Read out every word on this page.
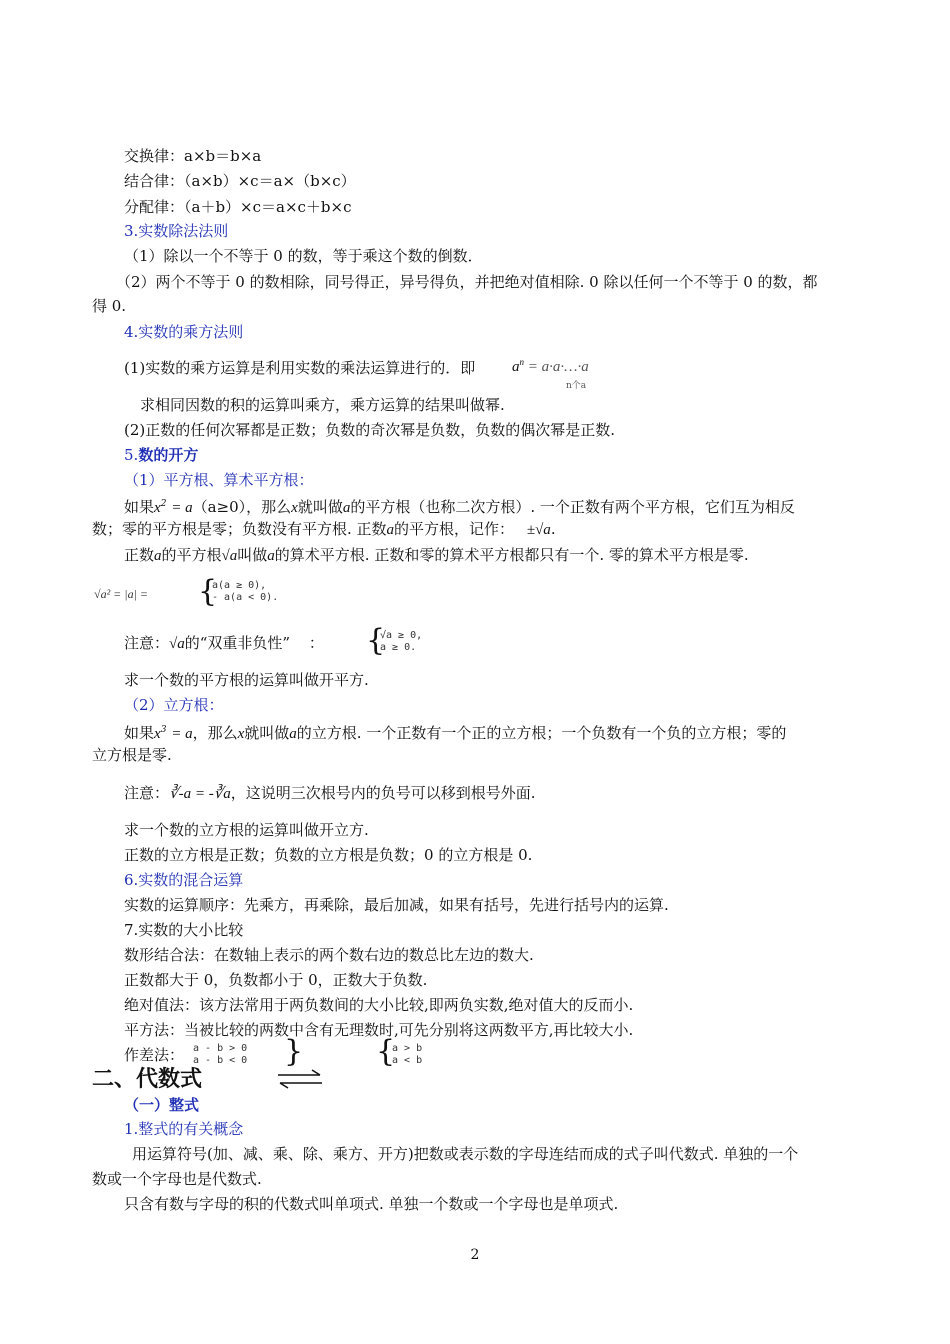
交换律：a×b＝b×a
结合律：（a×b）×c＝a×（b×c）
分配律：（a＋b）×c＝a×c＋b×c
3.实数除法法则
（1）除以一个不等于 0 的数，等于乘这个数的倒数．
（2）两个不等于 0 的数相除，同号得正，异号得负，并把绝对值相除. 0 除以任何一个不等于 0 的数，都
得 0.
4.实数的乘方法则
(1)实数的乘方运算是利用实数的乘法运算进行的．即 $a^n$ = a·a·…·a
n个a
求相同因数的积的运算叫乘方，乘方运算的结果叫做幂.
(2)正数的任何次幂都是正数；负数的奇次幂是负数，负数的偶次幂是正数.
5.数的开方
（1）平方根、算术平方根：
如果$x^2 = a(a\ge 0)$，那么x就叫做a的平方根（也称二次方根）. 一个正数有两个平方根，它们互为相反
数；零的平方根是零；负数没有平方根. 正数a的平方根，记作： ±√a.
正数a的平方根√a叫做a的算术平方根. 正数和零的算术平方根都只有一个. 零的算术平方根是零.
√a² = |a| = {
a(a ≥ 0),
- a(a < 0).
注意：√a的“双重非负性” ： {
√a ≥ 0,
a ≥ 0.
求一个数的平方根的运算叫做开平方.
（2）立方根：
如果$x^3 = a$，那么x就叫做a的立方根. 一个正数有一个正的立方根；一个负数有一个负的立方根；零的
立方根是零.
注意：∛-a = -∛a，这说明三次根号内的负号可以移到根号外面.
求一个数的立方根的运算叫做开立方.
正数的立方根是正数；负数的立方根是负数；0 的立方根是 0.
6.实数的混合运算
实数的运算顺序：先乘方，再乘除，最后加减，如果有括号，先进行括号内的运算.
7.实数的大小比较
数形结合法：在数轴上表示的两个数右边的数总比左边的数大.
正数都大于 0，负数都小于 0，正数大于负数.
绝对值法：该方法常用于两负数间的大小比较,即两负实数,绝对值大的反而小.
平方法：当被比较的两数中含有无理数时,可先分别将这两数平方,再比较大小.
作差法： a - b > 0
a - b < 0 } {
a > b
a < b
二、代数式
（一）整式
1.整式的有关概念
用运算符号(加、减、乘、除、乘方、开方)把数或表示数的字母连结而成的式子叫代数式. 单独的一个
数或一个字母也是代数式.
只含有数与字母的积的代数式叫单项式. 单独一个数或一个字母也是单项式.
2
